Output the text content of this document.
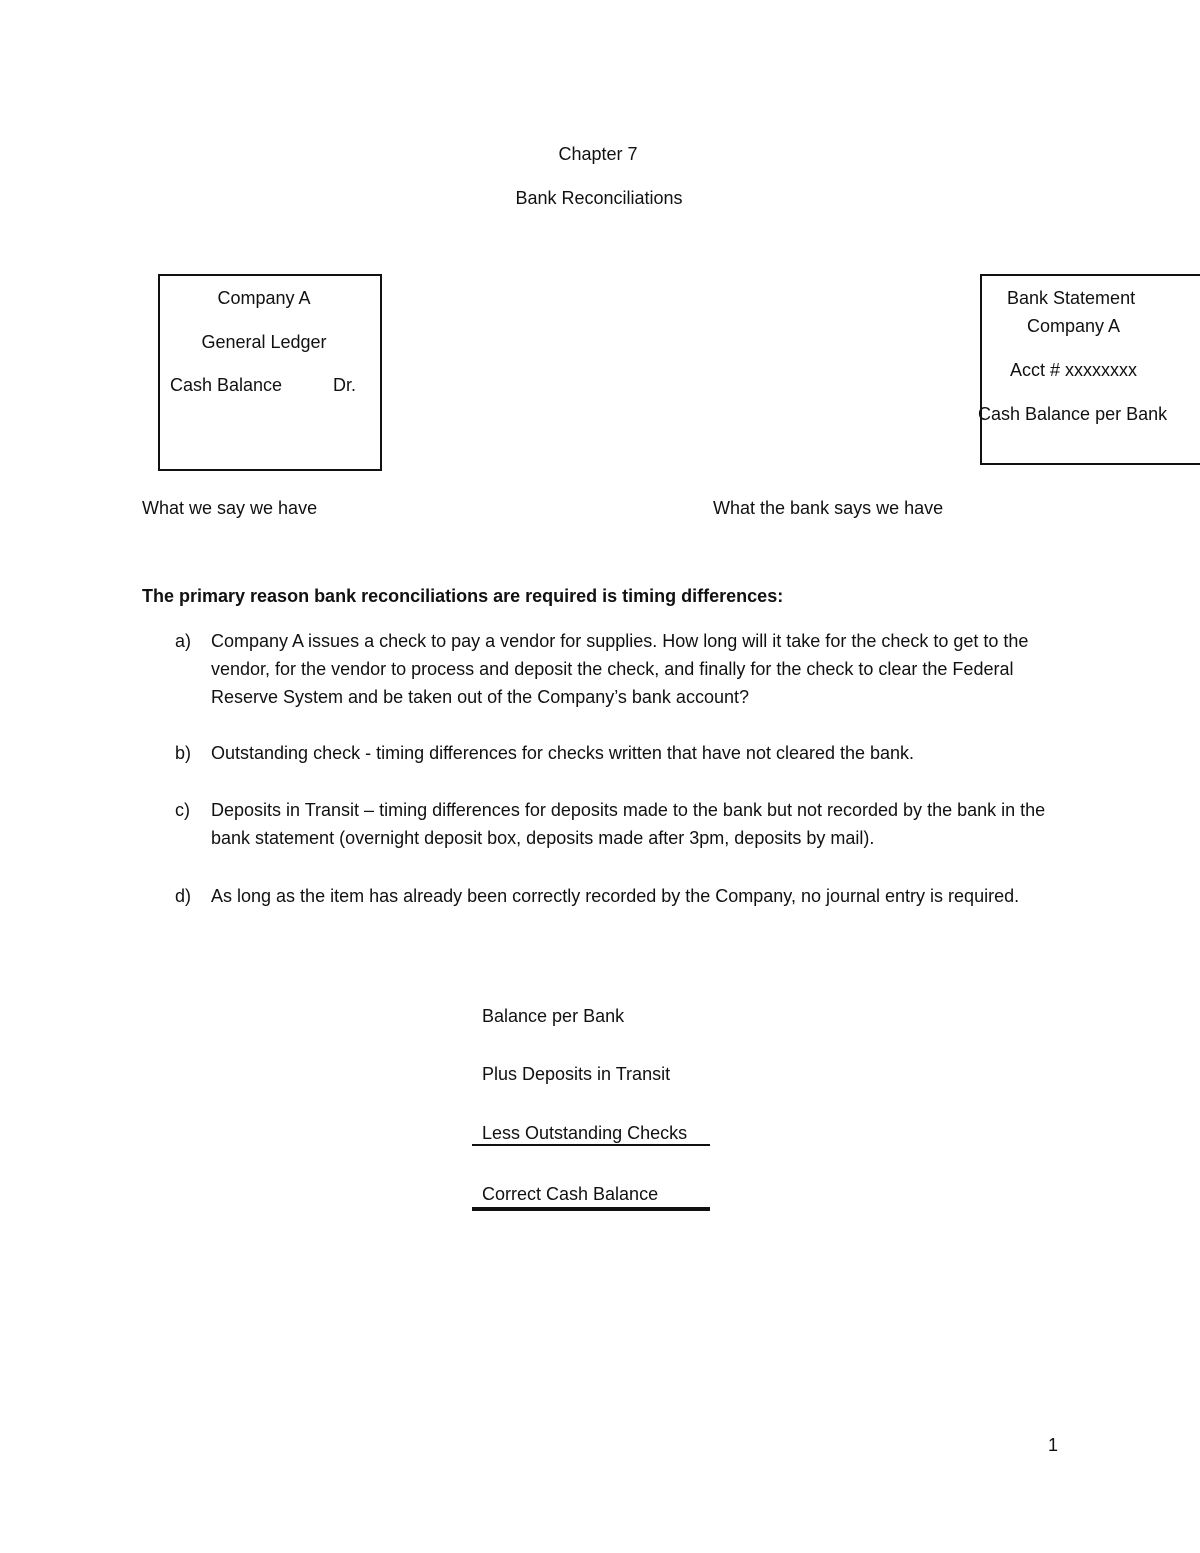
Chapter 7
Bank Reconciliations
Company A
General Ledger
Cash Balance	Dr.
Bank Statement
Company A
Acct # xxxxxxxx
Cash Balance per Bank
What we say we have	What the bank says we have
The primary reason bank reconciliations are required is timing differences:
a) Company A issues a check to pay a vendor for supplies. How long will it take for the check to get to the vendor, for the vendor to process and deposit the check, and finally for the check to clear the Federal Reserve System and be taken out of the Company’s bank account?
b) Outstanding check - timing differences for checks written that have not cleared the bank.
c) Deposits in Transit – timing differences for deposits made to the bank but not recorded by the bank in the bank statement (overnight deposit box, deposits made after 3pm, deposits by mail).
d) As long as the item has already been correctly recorded by the Company, no journal entry is required.
Balance per Bank
Plus Deposits in Transit
Less Outstanding Checks
Correct Cash Balance
1
